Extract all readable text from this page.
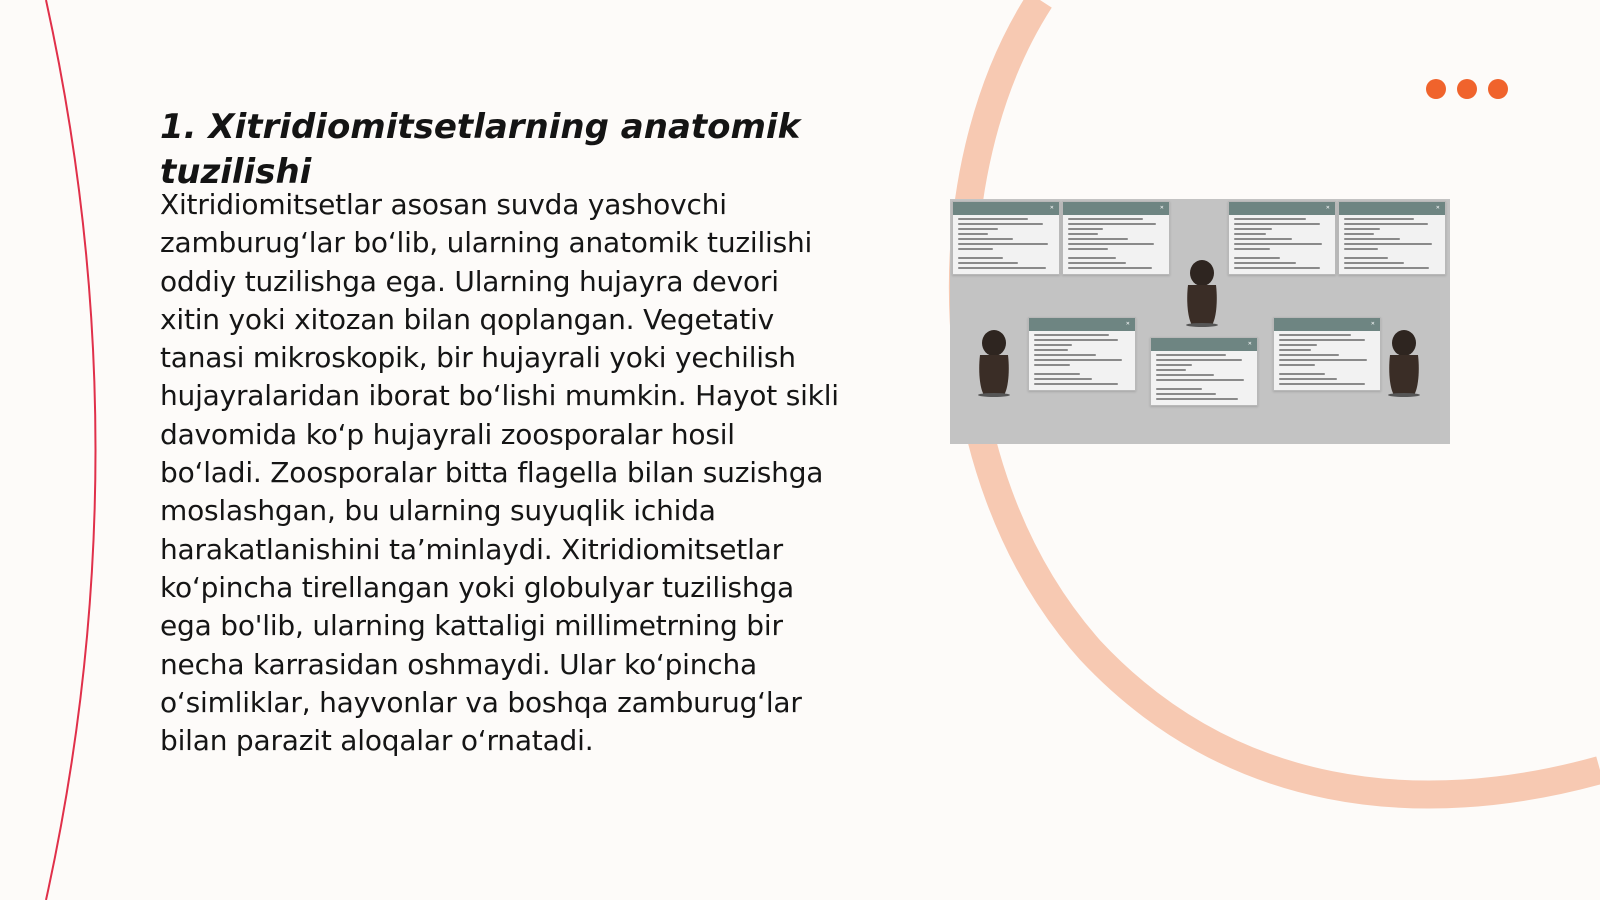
1. Xitridiomitsetlarning anatomik tuzilishi

Xitridiomitsetlar asosan suvda yashovchi zamburug‘lar bo‘lib, ularning anatomik tuzilishi oddiy tuzilishga ega. Ularning hujayra devori xitin yoki xitozan bilan qoplangan. Vegetativ tanasi mikroskopik, bir hujayrali yoki yechilish hujayralaridan iborat bo‘lishi mumkin. Hayot sikli davomida ko‘p hujayrali zoosporalar hosil bo‘ladi. Zoosporalar bitta flagella bilan suzishga moslashgan, bu ularning suyuqlik ichida harakatlanishini ta’minlaydi. Xitridiomitsetlar ko‘pincha tirellangan yoki globulyar tuzilishga ega bo'lib, ularning kattaligi millimetrning bir necha karrasidan oshmaydi. Ular ko‘pincha o‘simliklar, hayvonlar va boshqa zamburug‘lar bilan parazit aloqalar o‘rnatadi.

✕	✕	✕	✕
✕
✕
✕
